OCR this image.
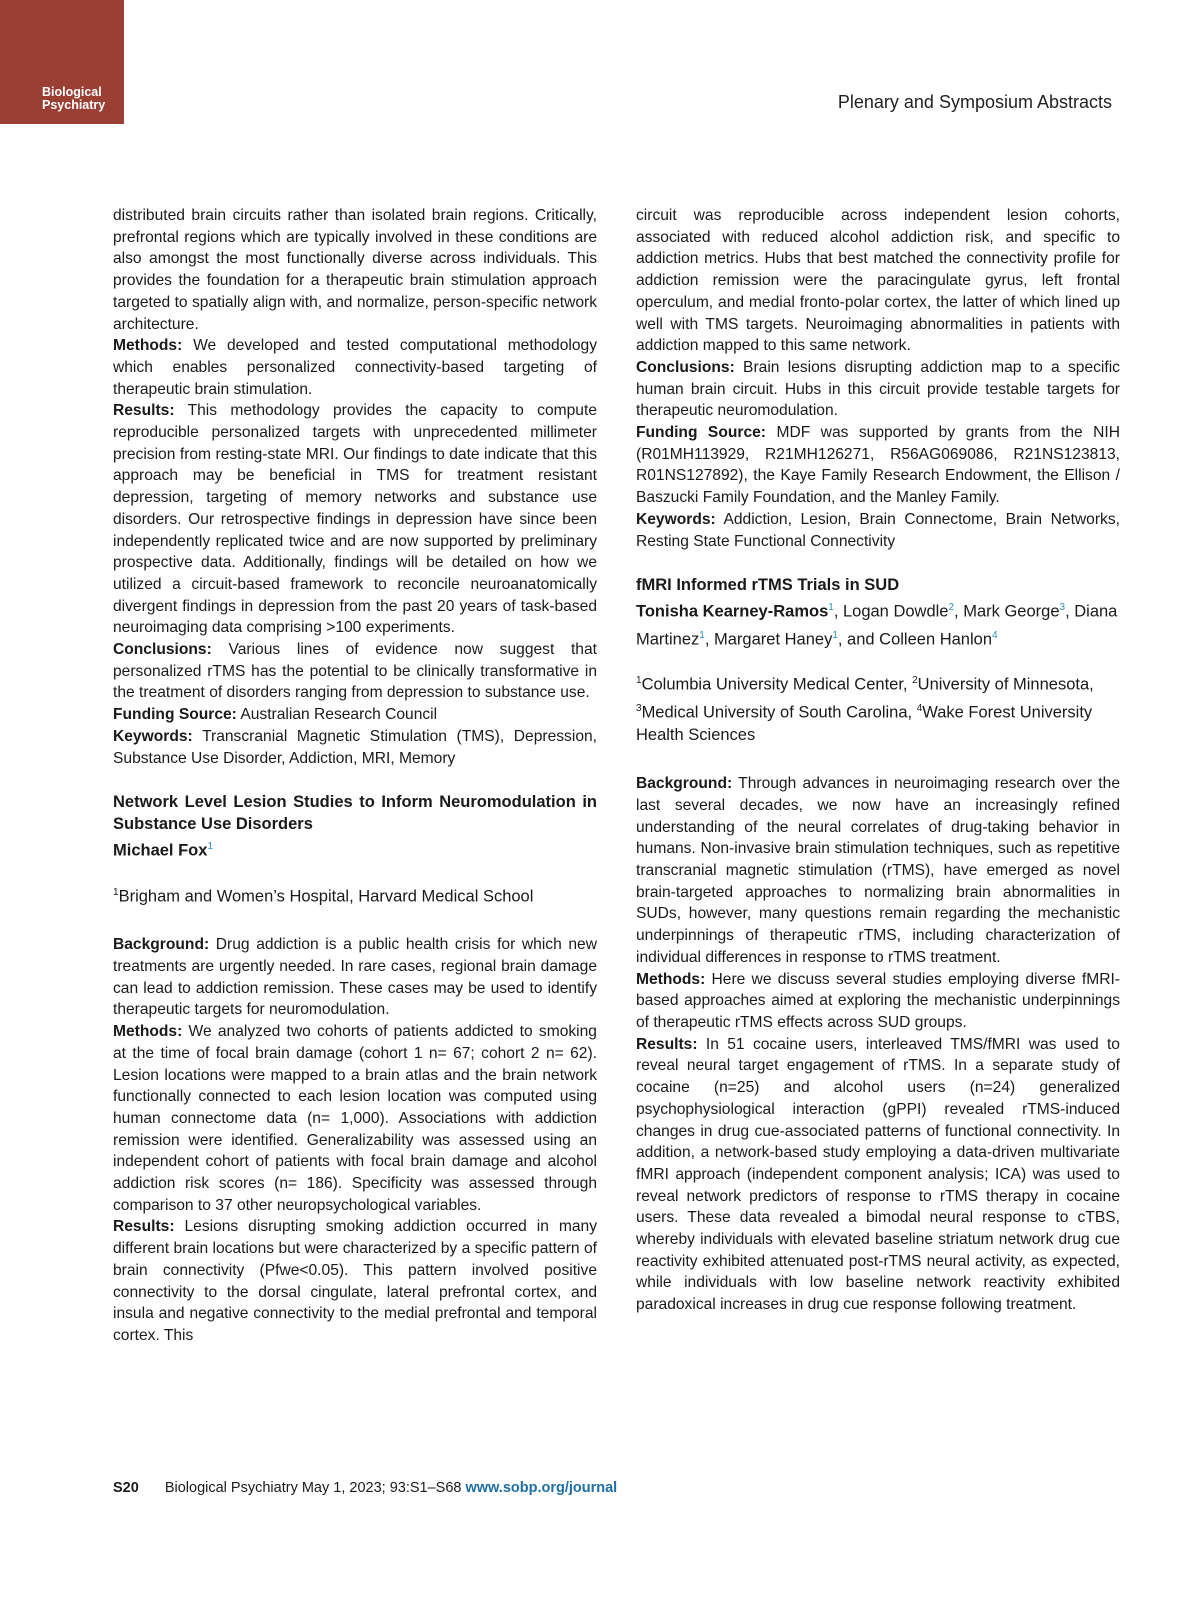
Biological
Psychiatry	Plenary and Symposium Abstracts

distributed brain circuits rather than isolated brain regions. Critically, prefrontal regions which are typically involved in these conditions are also amongst the most functionally diverse across individuals. This provides the foundation for a therapeutic brain stimulation approach targeted to spatially align with, and normalize, person-specific network architecture.

Methods: We developed and tested computational methodology which enables personalized connectivity-based targeting of therapeutic brain stimulation.

Results: This methodology provides the capacity to compute reproducible personalized targets with unprecedented millimeter precision from resting-state MRI. Our findings to date indicate that this approach may be beneficial in TMS for treatment resistant depression, targeting of memory networks and substance use disorders. Our retrospective findings in depression have since been independently replicated twice and are now supported by preliminary prospective data. Additionally, findings will be detailed on how we utilized a circuit-based framework to reconcile neuroanatomically divergent findings in depression from the past 20 years of task-based neuroimaging data comprising >100 experiments.

Conclusions: Various lines of evidence now suggest that personalized rTMS has the potential to be clinically transformative in the treatment of disorders ranging from depression to substance use.

Funding Source: Australian Research Council

Keywords: Transcranial Magnetic Stimulation (TMS), Depression, Substance Use Disorder, Addiction, MRI, Memory

Network Level Lesion Studies to Inform Neuromodulation in Substance Use Disorders

Michael Fox$^1$

$^1$Brigham and Women’s Hospital, Harvard Medical School

Background: Drug addiction is a public health crisis for which new treatments are urgently needed. In rare cases, regional brain damage can lead to addiction remission. These cases may be used to identify therapeutic targets for neuromodulation.

Methods: We analyzed two cohorts of patients addicted to smoking at the time of focal brain damage (cohort 1 n= 67; cohort 2 n= 62). Lesion locations were mapped to a brain atlas and the brain network functionally connected to each lesion location was computed using human connectome data (n= 1,000). Associations with addiction remission were identified. Generalizability was assessed using an independent cohort of patients with focal brain damage and alcohol addiction risk scores (n= 186). Specificity was assessed through comparison to 37 other neuropsychological variables.

Results: Lesions disrupting smoking addiction occurred in many different brain locations but were characterized by a specific pattern of brain connectivity (Pfwe<0.05). This pattern involved positive connectivity to the dorsal cingulate, lateral prefrontal cortex, and insula and negative connectivity to the medial prefrontal and temporal cortex. This

circuit was reproducible across independent lesion cohorts, associated with reduced alcohol addiction risk, and specific to addiction metrics. Hubs that best matched the connectivity profile for addiction remission were the paracingulate gyrus, left frontal operculum, and medial fronto-polar cortex, the latter of which lined up well with TMS targets. Neuroimaging abnormalities in patients with addiction mapped to this same network.

Conclusions: Brain lesions disrupting addiction map to a specific human brain circuit. Hubs in this circuit provide testable targets for therapeutic neuromodulation.

Funding Source: MDF was supported by grants from the NIH (R01MH113929, R21MH126271, R56AG069086, R21NS123813, R01NS127892), the Kaye Family Research Endowment, the Ellison / Baszucki Family Foundation, and the Manley Family.

Keywords: Addiction, Lesion, Brain Connectome, Brain Networks, Resting State Functional Connectivity

fMRI Informed rTMS Trials in SUD

Tonisha Kearney-Ramos$^1$, Logan Dowdle$^2$, Mark George$^3$, Diana Martinez$^1$, Margaret Haney$^1$, and Colleen Hanlon$^4$

$^1$Columbia University Medical Center, $^2$University of Minnesota, $^3$Medical University of South Carolina, $^4$Wake Forest University Health Sciences

Background: Through advances in neuroimaging research over the last several decades, we now have an increasingly refined understanding of the neural correlates of drug-taking behavior in humans. Non-invasive brain stimulation techniques, such as repetitive transcranial magnetic stimulation (rTMS), have emerged as novel brain-targeted approaches to normalizing brain abnormalities in SUDs, however, many questions remain regarding the mechanistic underpinnings of therapeutic rTMS, including characterization of individual differences in response to rTMS treatment.

Methods: Here we discuss several studies employing diverse fMRI-based approaches aimed at exploring the mechanistic underpinnings of therapeutic rTMS effects across SUD groups.

Results: In 51 cocaine users, interleaved TMS/fMRI was used to reveal neural target engagement of rTMS. In a separate study of cocaine (n=25) and alcohol users (n=24) generalized psychophysiological interaction (gPPI) revealed rTMS-induced changes in drug cue-associated patterns of functional connectivity. In addition, a network-based study employing a data-driven multivariate fMRI approach (independent component analysis; ICA) was used to reveal network predictors of response to rTMS therapy in cocaine users. These data revealed a bimodal neural response to cTBS, whereby individuals with elevated baseline striatum network drug cue reactivity exhibited attenuated post-rTMS neural activity, as expected, while individuals with low baseline network reactivity exhibited paradoxical increases in drug cue response following treatment.

S20 Biological Psychiatry May 1, 2023; 93:S1–S68 www.sobp.org/journal
